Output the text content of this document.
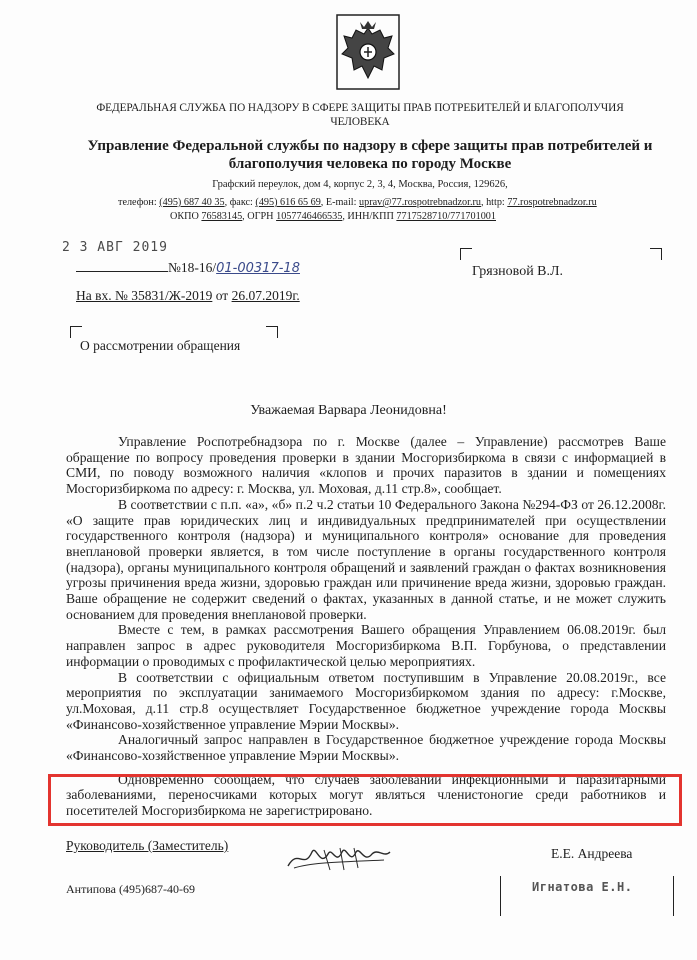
ФЕДЕРАЛЬНАЯ СЛУЖБА ПО НАДЗОРУ В СФЕРЕ ЗАЩИТЫ ПРАВ ПОТРЕБИТЕЛЕЙ И БЛАГОПОЛУЧИЯ ЧЕЛОВЕКА
Управление Федеральной службы по надзору в сфере защиты прав потребителей и благополучия человека по городу Москве
Графский переулок, дом 4, корпус 2, 3, 4, Москва, Россия, 129626,
телефон: (495) 687 40 35, факс: (495) 616 65 69, E-mail: uprav@77.rospotrebnadzor.ru, http: 77.rospotrebnadzor.ru
ОКПО 76583145, ОГРН 1057746466535, ИНН/КПП 7717528710/771701001
2 3 АВГ 2019
№18-16/01-00317-18
На вх. № 35831/Ж-2019 от 26.07.2019г.
Грязновой В.Л.
О рассмотрении обращения
Уважаемая Варвара Леонидовна!

Управление Роспотребнадзора по г. Москве (далее – Управление) рассмотрев Ваше обращение по вопросу проведения проверки в здании Мосгоризбиркома в связи с информацией в СМИ, по поводу возможного наличия «клопов и прочих паразитов в здании и помещениях Мосгоризбиркома по адресу: г. Москва, ул. Моховая, д.11 стр.8», сообщает.

В соответствии с п.п. «а», «б» п.2 ч.2 статьи 10 Федерального Закона №294-ФЗ от 26.12.2008г. «О защите прав юридических лиц и индивидуальных предпринимателей при осуществлении государственного контроля (надзора) и муниципального контроля» основание для проведения внеплановой проверки является, в том числе поступление в органы государственного контроля (надзора), органы муниципального контроля обращений и заявлений граждан о фактах возникновения угрозы причинения вреда жизни, здоровью граждан или причинение вреда жизни, здоровью граждан. Ваше обращение не содержит сведений о фактах, указанных в данной статье, и не может служить основанием для проведения внеплановой проверки.

Вместе с тем, в рамках рассмотрения Вашего обращения Управлением 06.08.2019г. был направлен запрос в адрес руководителя Мосгоризбиркома В.П. Горбунова, о представлении информации о проводимых с профилактической целью мероприятиях.

В соответствии с официальным ответом поступившим в Управление 20.08.2019г., все мероприятия по эксплуатации занимаемого Мосгоризбиркомом здания по адресу: г.Москве, ул.Моховая, д.11 стр.8 осуществляет Государственное бюджетное учреждение города Москвы «Финансово-хозяйственное управление Мэрии Москвы».

Аналогичный запрос направлен в Государственное бюджетное учреждение города Москвы «Финансово-хозяйственное управление Мэрии Москвы».

Одновременно сообщаем, что случаев заболеваний инфекционными и паразитарными заболеваниями, переносчиками которых могут являться членистоногие среди работников и посетителей Мосгоризбиркома не зарегистрировано.

Руководитель (Заместитель)
Е.Е. Андреева
Антипова (495)687-40-69	Игнатова Е.Н.
